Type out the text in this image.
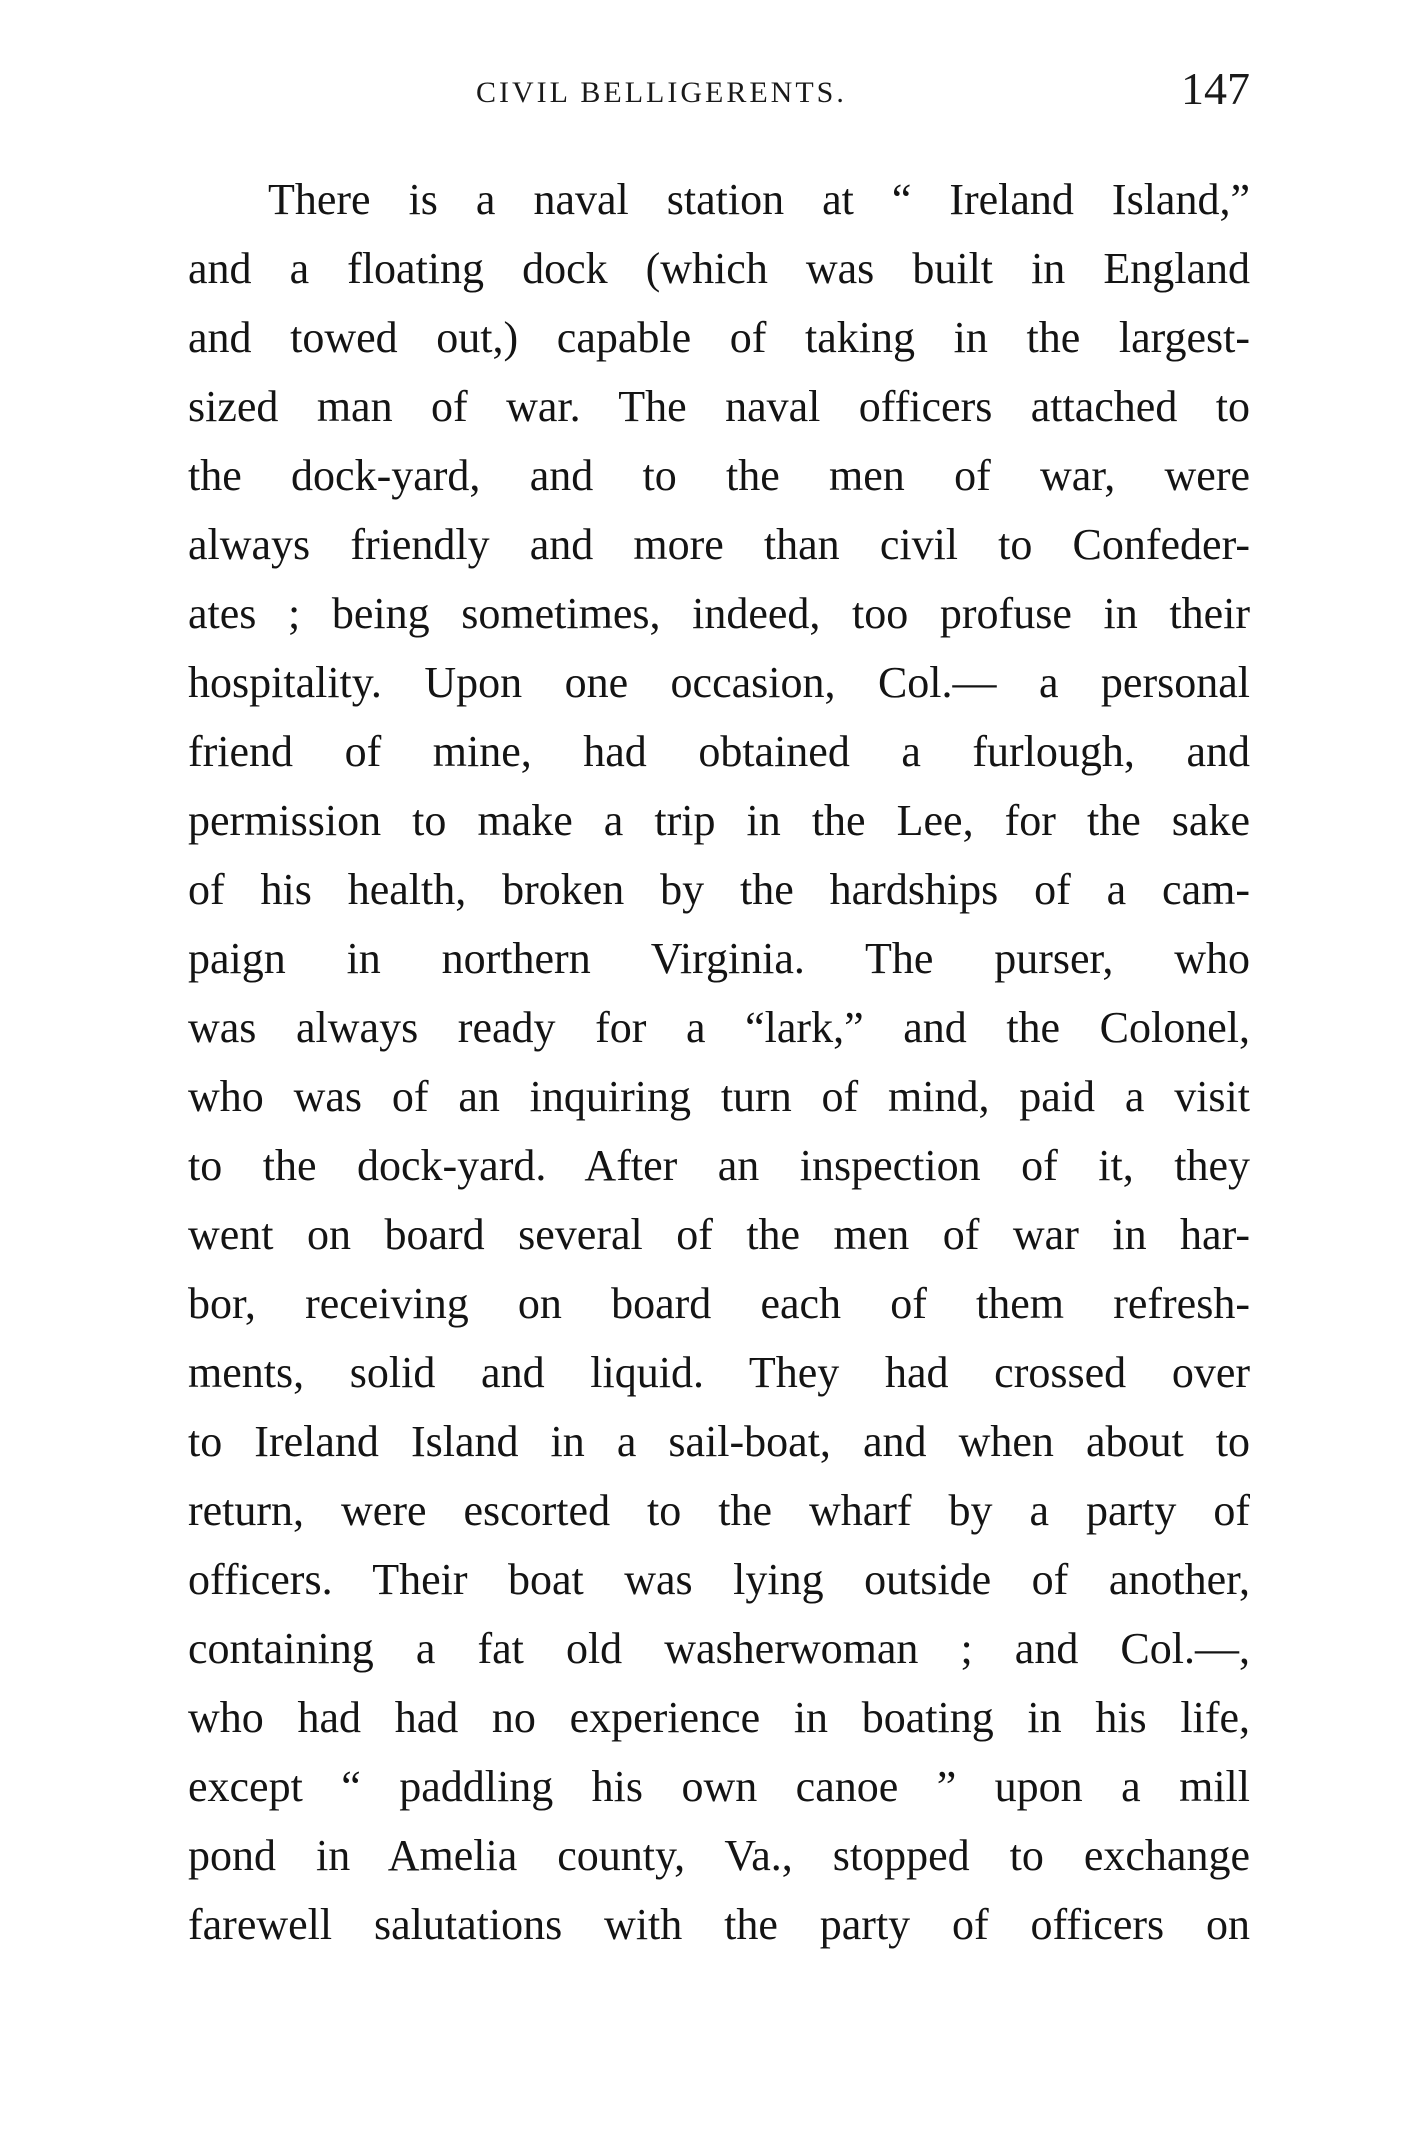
CIVIL BELLIGERENTS.	147
There is a naval station at “ Ireland Island,”
and a floating dock (which was built in England
and towed out,) capable of taking in the largest-
sized man of war. The naval officers attached to
the dock-yard, and to the men of war, were
always friendly and more than civil to Confeder-
ates ; being sometimes, indeed, too profuse in their
hospitality. Upon one occasion, Col.— a personal
friend of mine, had obtained a furlough, and
permission to make a trip in the Lee, for the sake
of his health, broken by the hardships of a cam-
paign in northern Virginia. The purser, who
was always ready for a “lark,” and the Colonel,
who was of an inquiring turn of mind, paid a visit
to the dock-yard. After an inspection of it, they
went on board several of the men of war in har-
bor, receiving on board each of them refresh-
ments, solid and liquid. They had crossed over
to Ireland Island in a sail-boat, and when about to
return, were escorted to the wharf by a party of
officers. Their boat was lying outside of another,
containing a fat old washerwoman ; and Col.—,
who had had no experience in boating in his life,
except “ paddling his own canoe ” upon a mill
pond in Amelia county, Va., stopped to exchange
farewell salutations with the party of officers on
